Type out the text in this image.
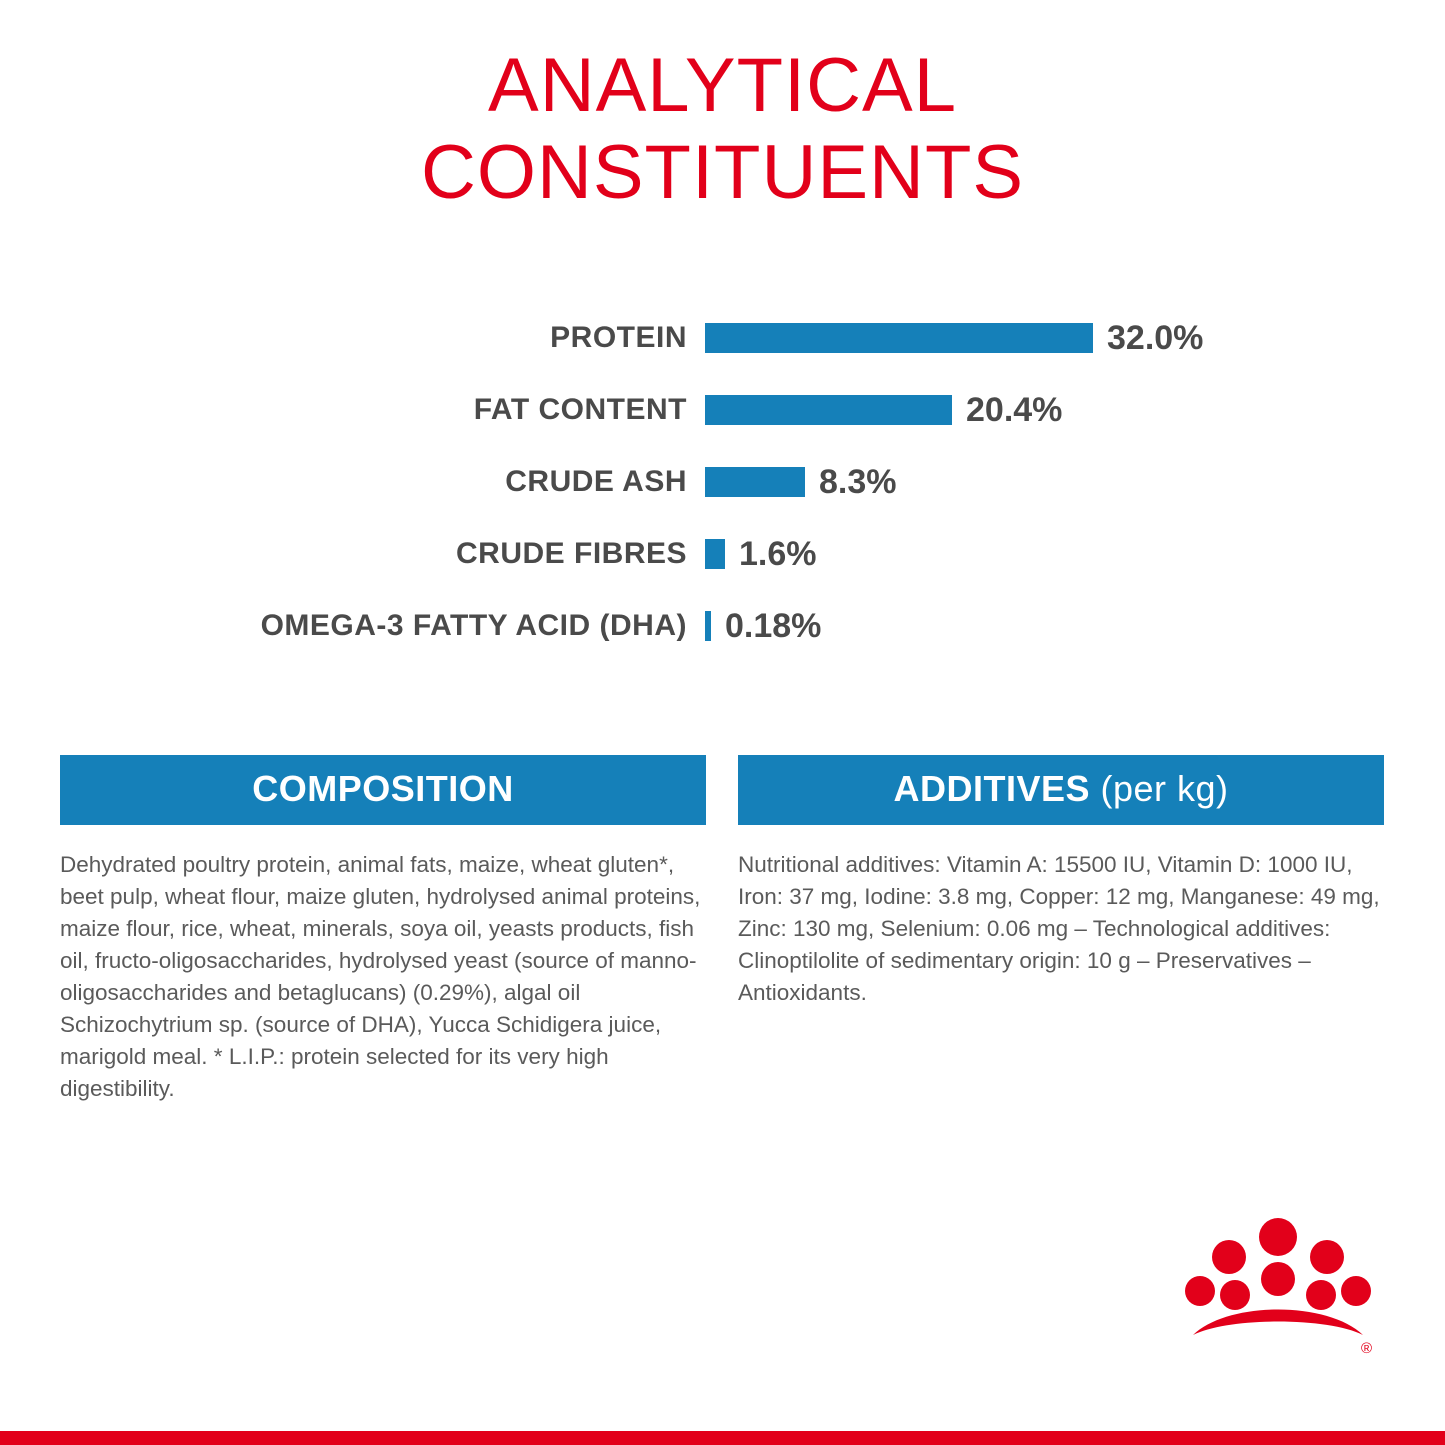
ANALYTICAL
CONSTITUENTS
PROTEIN	32.0%
FAT CONTENT	20.4%
CRUDE ASH	8.3%
CRUDE FIBRES	1.6%
OMEGA-3 FATTY ACID (DHA)	0.18%
COMPOSITION

Dehydrated poultry protein, animal fats, maize, wheat gluten*, beet pulp, wheat flour, maize gluten, hydrolysed animal proteins, maize flour, rice, wheat, minerals, soya oil, yeasts products, fish oil, fructo-oligosaccharides, hydrolysed yeast (source of manno-oligosaccharides and betaglucans) (0.29%), algal oil Schizochytrium sp. (source of DHA), Yucca Schidigera juice, marigold meal. * L.I.P.: protein selected for its very high digestibility.

ADDITIVES (per kg)

Nutritional additives: Vitamin A: 15500 IU, Vitamin D: 1000 IU, Iron: 37 mg, Iodine: 3.8 mg, Copper: 12 mg, Manganese: 49 mg, Zinc: 130 mg, Selenium: 0.06 mg – Technological additives: Clinoptilolite of sedimentary origin: 10 g – Preservatives – Antioxidants.

®
